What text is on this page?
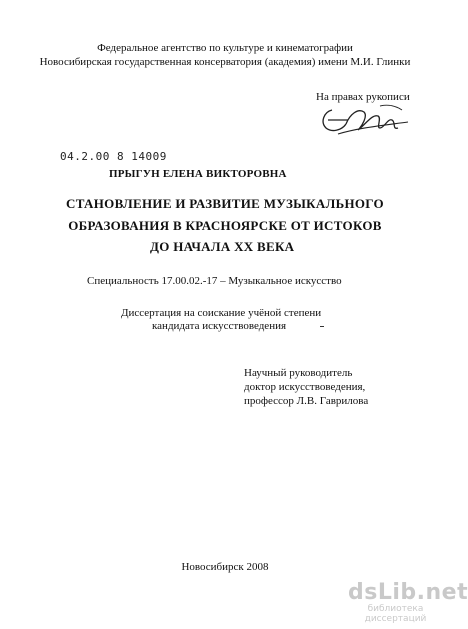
Федеральное агентство по культуре и кинематографии
Новосибирская государственная консерватория (академия) имени М.И. Глинки
На правах рукописи
04.2.00 8 14009
ПРЫГУН ЕЛЕНА ВИКТОРОВНА
СТАНОВЛЕНИЕ И РАЗВИТИЕ МУЗЫКАЛЬНОГО
ОБРАЗОВАНИЯ В КРАСНОЯРСКЕ ОТ ИСТОКОВ
ДО НАЧАЛА XX ВЕКА
Специальность 17.00.02.-17 – Музыкальное искусство
Диссертация на соискание учёной степени
кандидата искусствоведения
Научный руководитель
доктор искусствоведения,
профессор Л.В. Гаврилова
Новосибирск 2008
dsLib.net
библиотека диссертаций
